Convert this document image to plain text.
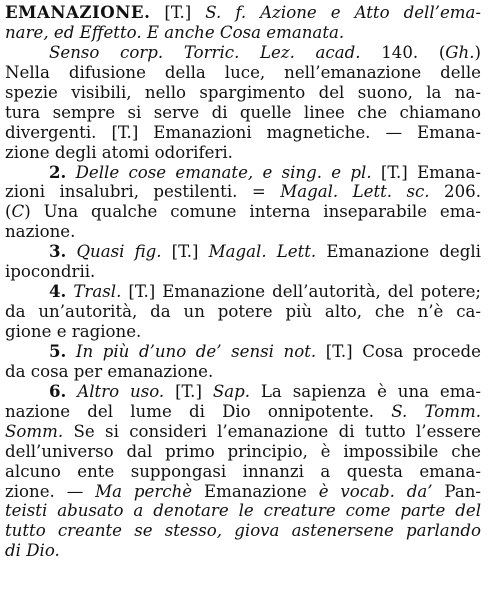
EMANAZIONE. [T.] S. f. Azione e Atto dell’ema-
nare, ed Effetto. E anche Cosa emanata.
Senso corp. Torric. Lez. acad. 140. (Gh.)
Nella difusione della luce, nell’emanazione delle
spezie visibili, nello spargimento del suono, la na-
tura sempre si serve di quelle linee che chiamano
divergenti. [T.] Emanazioni magnetiche. — Emana-
zione degli atomi odoriferi.
2. Delle cose emanate, e sing. e pl. [T.] Emana-
zioni insalubri, pestilenti. = Magal. Lett. sc. 206.
(C) Una qualche comune interna inseparabile ema-
nazione.
3. Quasi fig. [T.] Magal. Lett. Emanazione degli
ipocondrii.
4. Trasl. [T.] Emanazione dell’autorità, del potere;
da un’autorità, da un potere più alto, che n’è ca-
gione e ragione.
5. In più d’uno de’ sensi not. [T.] Cosa procede
da cosa per emanazione.
6. Altro uso. [T.] Sap. La sapienza è una ema-
nazione del lume di Dio onnipotente. S. Tomm.
Somm. Se si consideri l’emanazione di tutto l’essere
dell’universo dal primo principio, è impossibile che
alcuno ente suppongasi innanzi a questa emana-
zione. — Ma perchè Emanazione è vocab. da’ Pan-
teisti abusato a denotare le creature come parte del
tutto creante se stesso, giova astenersene parlando
di Dio.
